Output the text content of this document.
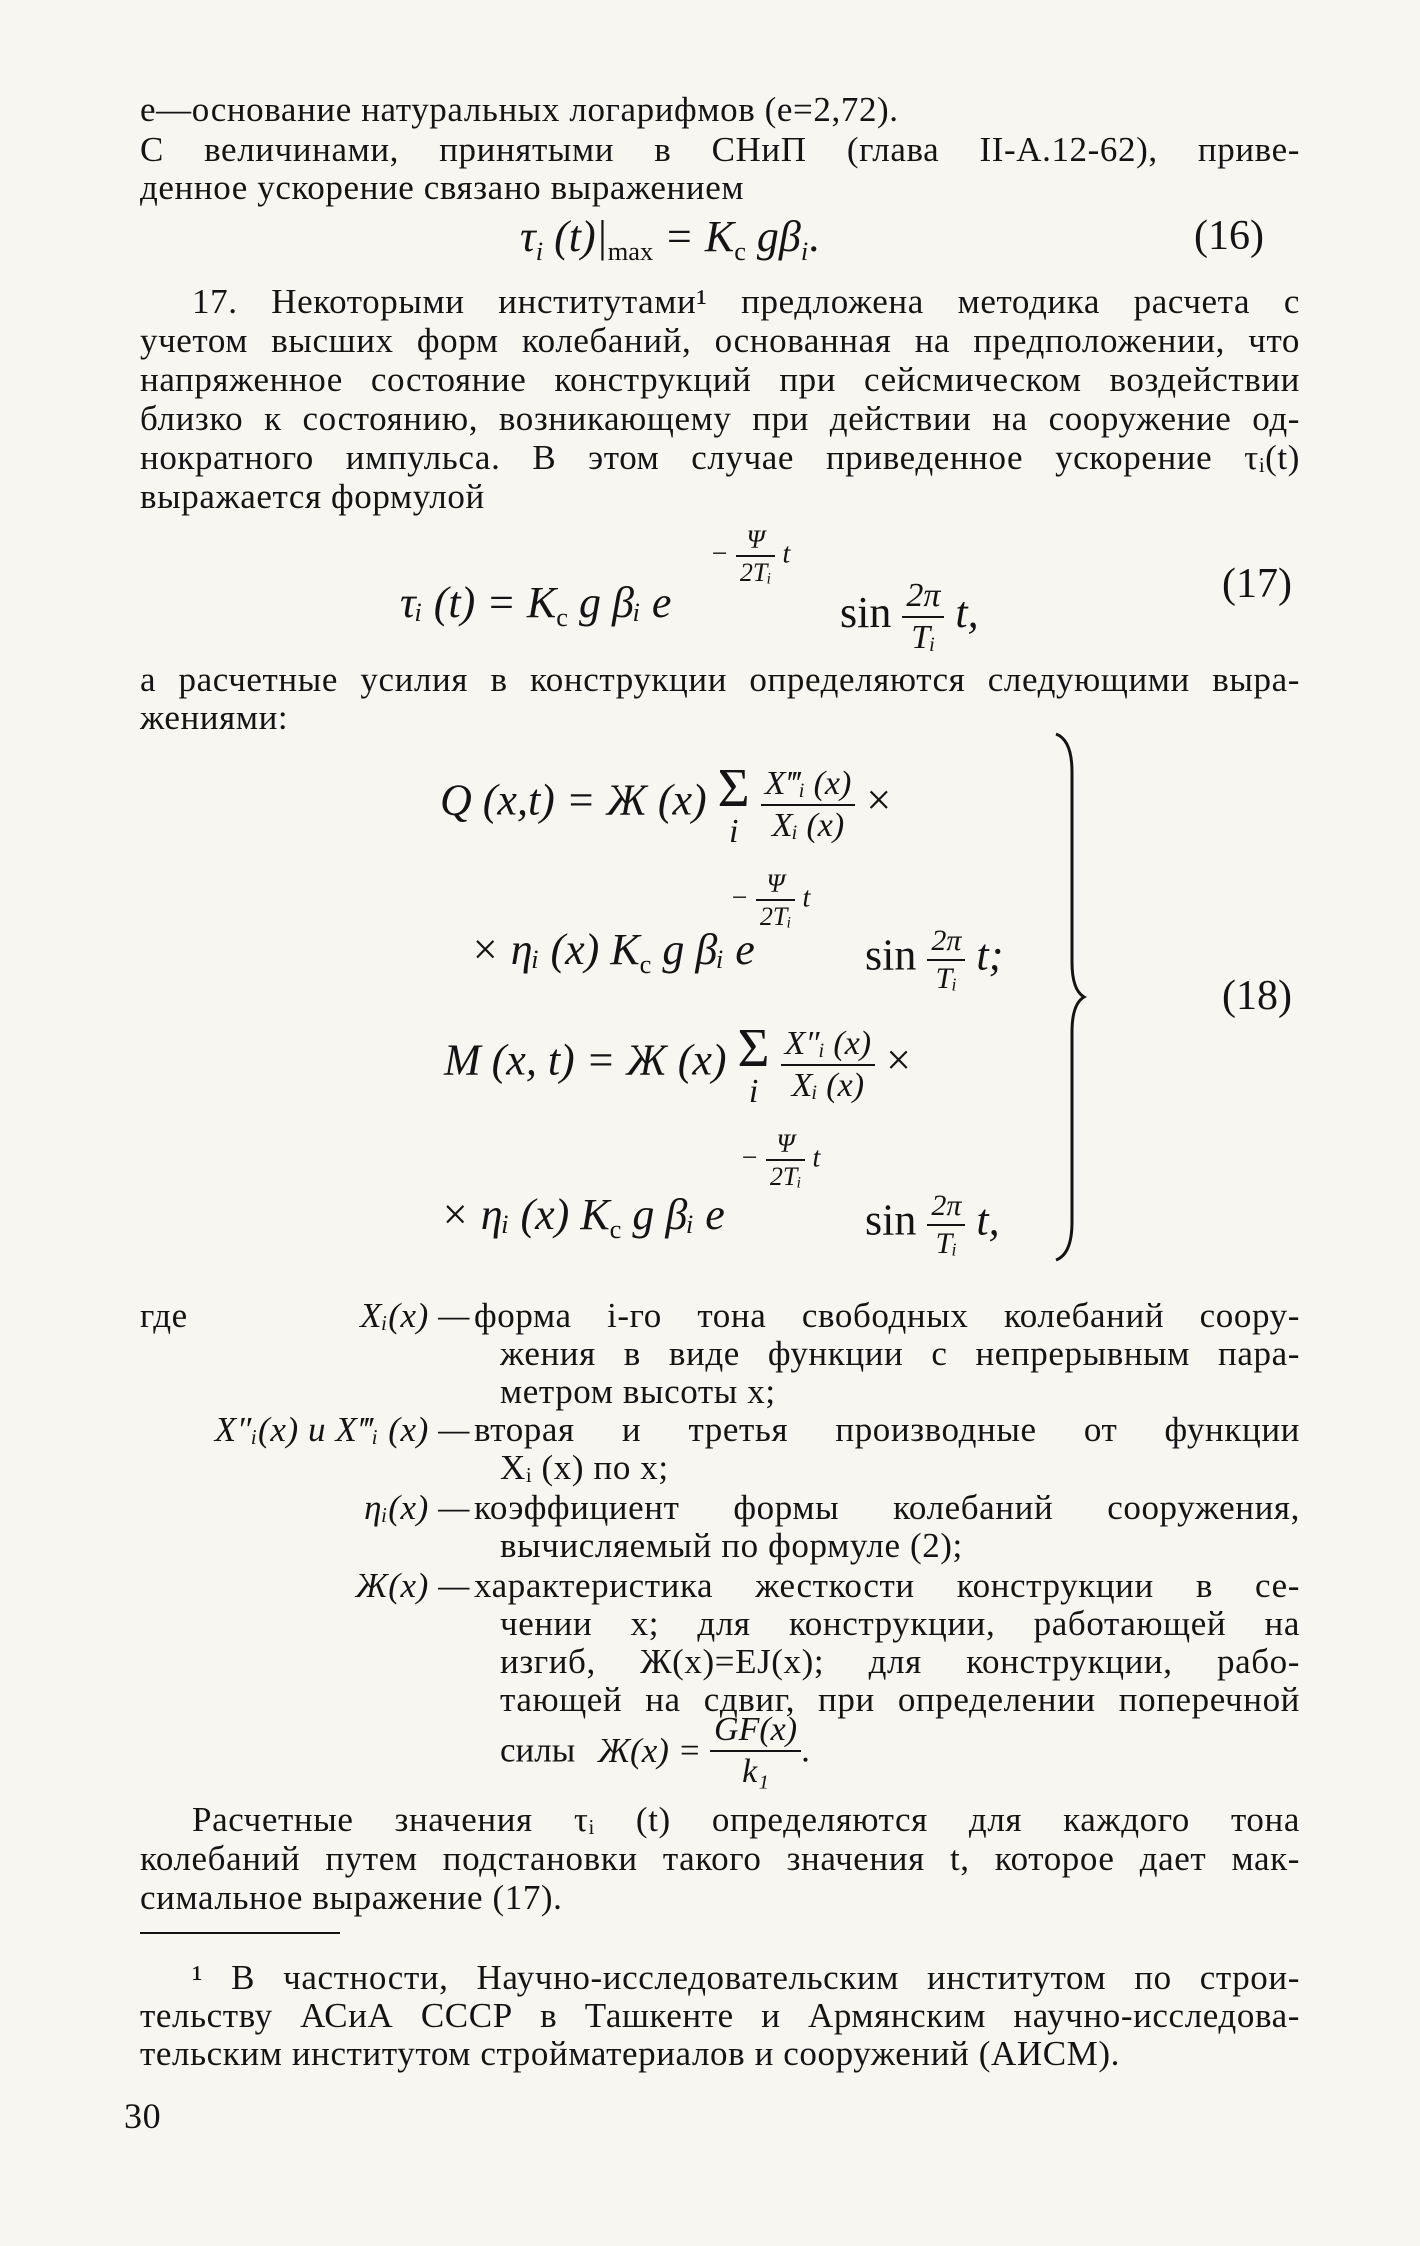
e—основание натуральных логарифмов (e=2,72).
С величинами, принятыми в СНиП (глава II-А.12-62), приве-
денное ускорение связано выражением
$\tau_i$ $(t)|_{max} = K_c$ $g\beta_i$.	(16)
17. Некоторыми институтами¹ предложена методика расчета с
учетом высших форм колебаний, основанная на предположении, что
напряженное состояние конструкций при сейсмическом воздействии
близко к состоянию, возникающему при действии на сооружение од-
нократного импульса. В этом случае приведенное ускорение τᵢ(t)
выражается формулой
τᵢ $(t) = K_c$ g βᵢ e
− $\frac{\Psi}{\text{2Tᵢ}}$ t
$\sin \frac{2\pi}{\text{Tᵢ}} t$,
(17)
а расчетные усилия в конструкции определяются следующими выра-
жениями:
Q (x,t) = Ж (x) Σ
i
$\frac{\text{X‴ᵢ (x)}}{\text{Xᵢ (x)}}$ ×
− $\frac{\Psi}{\text{2Tᵢ}}$ t
× ηᵢ (x) $K_c$ g βᵢ e	$\sin \frac{2\pi}{\text{Tᵢ}} t$;
M (x, t) = Ж (x) Σ
i
$\frac{\text{X″ᵢ (x)}}{\text{Xᵢ (x)}}$ ×
− $\frac{\Psi}{\text{2Tᵢ}}$ t
× ηᵢ (x) $K_c$ g βᵢ e	$\sin \frac{2\pi}{\text{Tᵢ}} t$,
(18)
где	Xᵢ(x) — форма i-го тона свободных колебаний соору-
жения в виде функции с непрерывным пара-
метром высоты x;
X″ᵢ(x) и X‴ᵢ (x) — вторая и третья производные от функции
Xᵢ (x) по x;
ηᵢ(x) — коэффициент формы колебаний сооружения,
вычисляемый по формуле (2);
Ж(x) — характеристика жесткости конструкции в се-
чении x; для конструкции, работающей на
изгиб, Ж(x)=EJ(x); для конструкции, рабо-
тающей на сдвиг, при определении поперечной
силы $Ж(x) = \frac{GF(x)}{\text{k₁}}$ .
Расчетные значения τᵢ (t) определяются для каждого тона
колебаний путем подстановки такого значения t, которое дает мак-
симальное выражение (17).
¹ В частности, Научно-исследовательским институтом по строи-
тельству АСиА СССР в Ташкенте и Армянским научно-исследова-
тельским институтом стройматериалов и сооружений (АИСМ).
30
